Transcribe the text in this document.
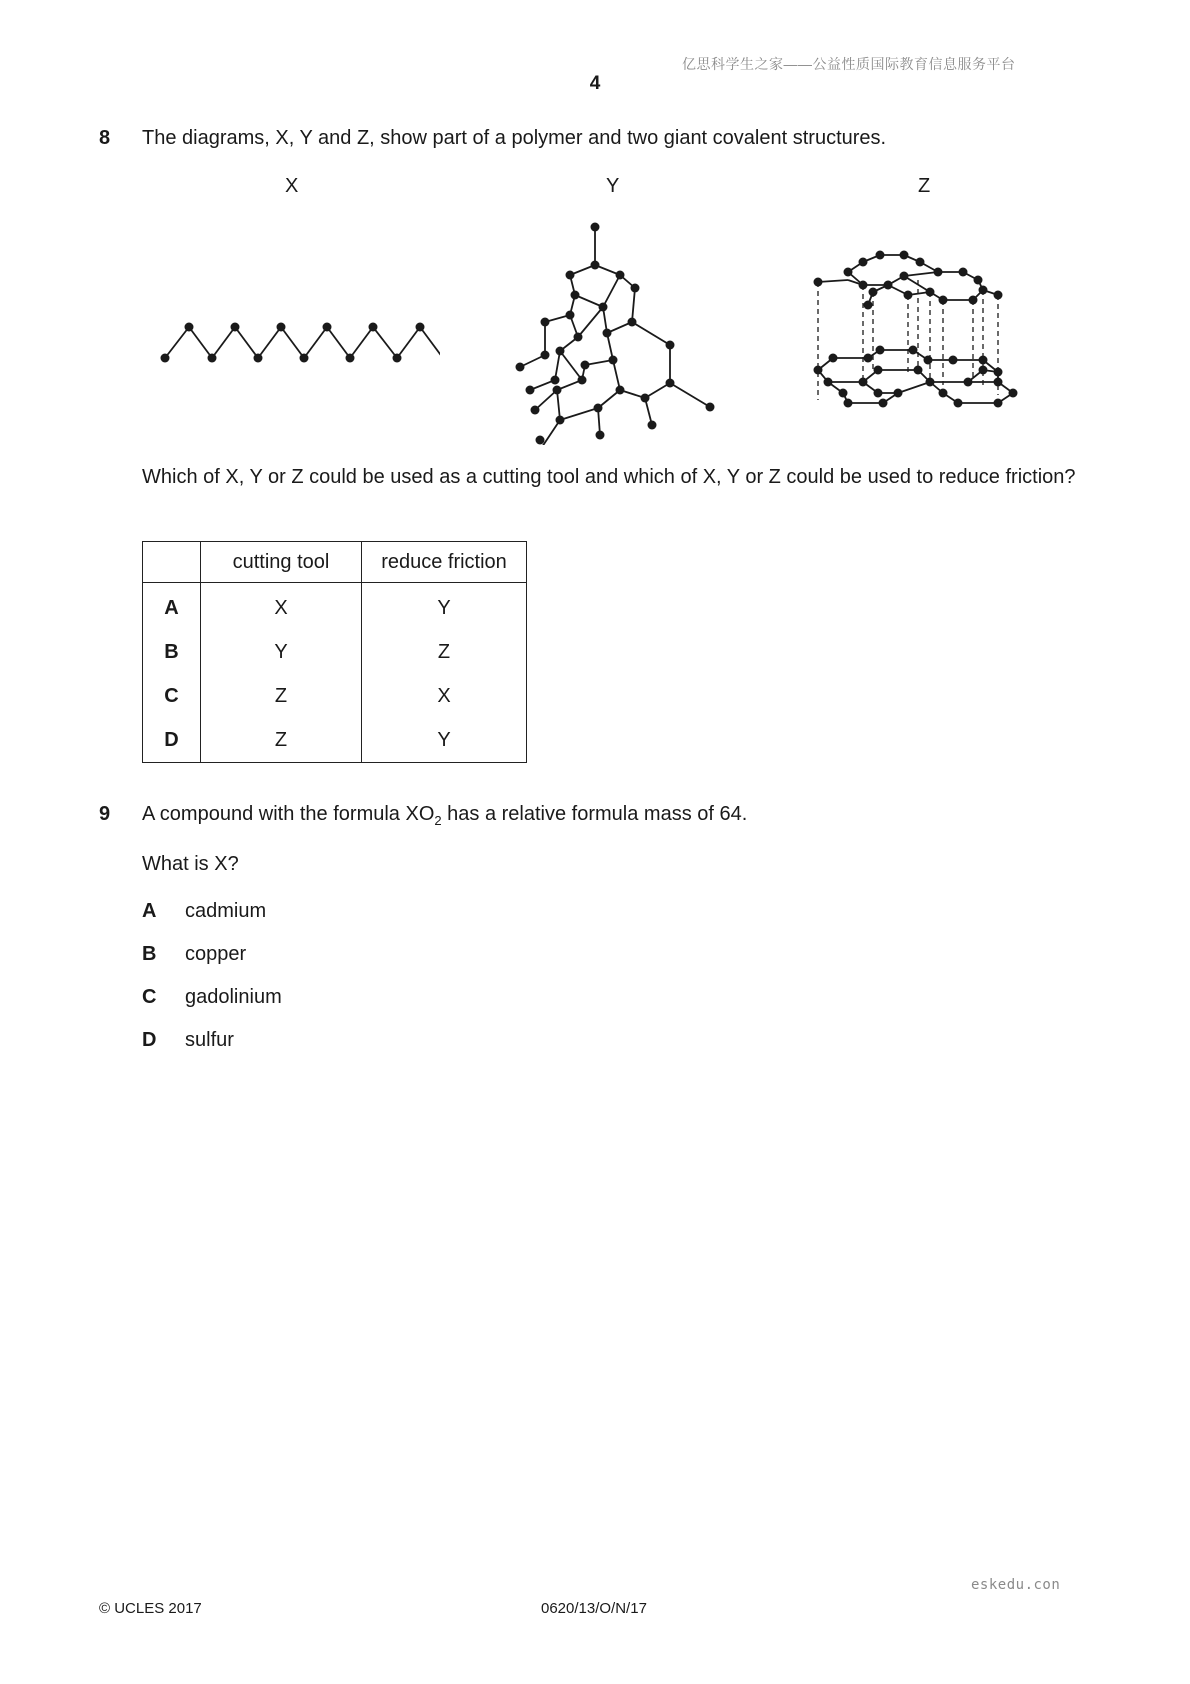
亿思科学生之家——公益性质国际教育信息服务平台
4
8 The diagrams, X, Y and Z, show part of a polymer and two giant covalent structures.
X	Y	Z
Which of X, Y or Z could be used as a cutting tool and which of X, Y or Z could be used to reduce friction?
	cutting tool	reduce friction
A	X	Y
B	Y	Z
C	Z	X
D	Z	Y
9 A compound with the formula $XO_2$ has a relative formula mass of 64.
What is X?
A cadmium
B copper
C gadolinium
D sulfur
eskedu.con
© UCLES 2017	0620/13/O/N/17
